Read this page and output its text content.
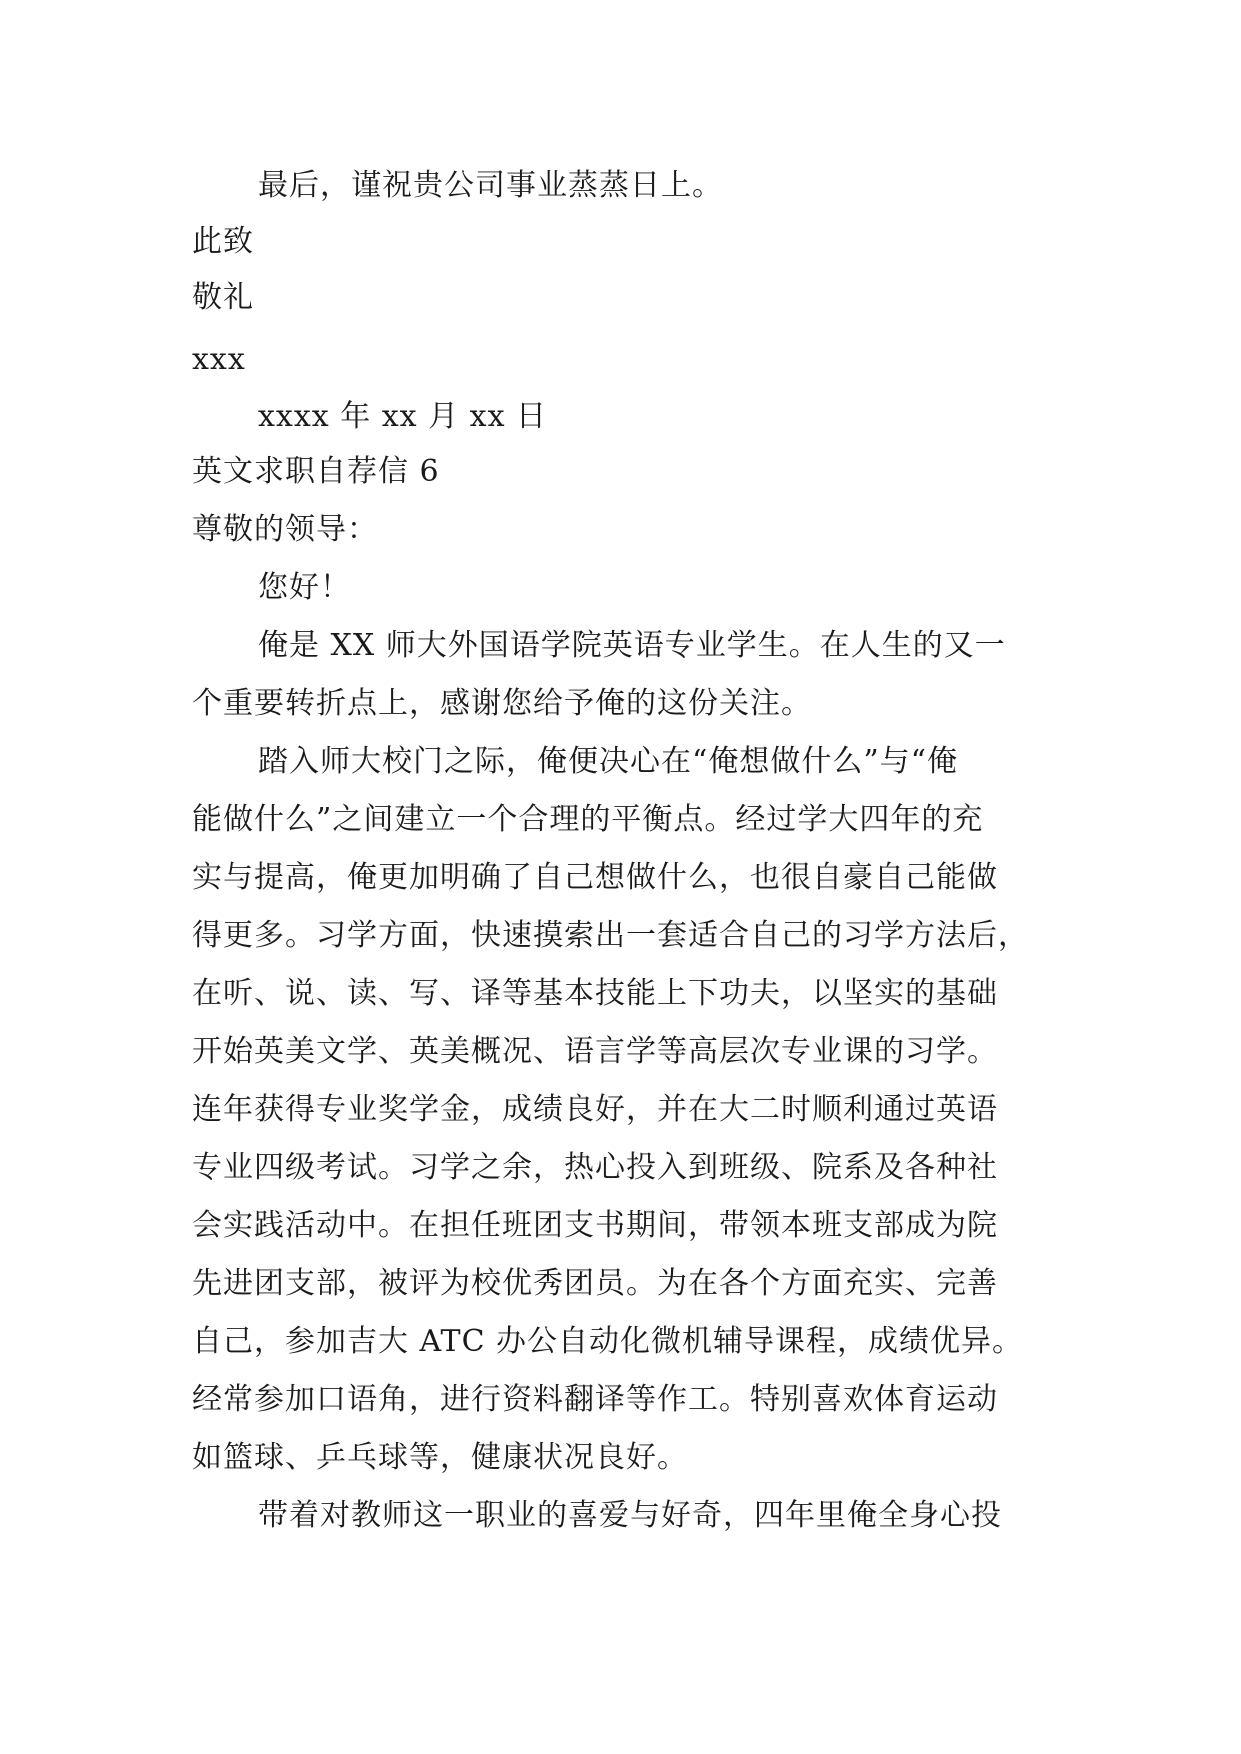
最后，谨祝贵公司事业蒸蒸日上。
此致
敬礼
xxx
xxxx 年 xx 月 xx 日
英文求职自荐信 6
尊敬的领导：
您好！
俺是 XX 师大外国语学院英语专业学生。在人生的又一
个重要转折点上，感谢您给予俺的这份关注。
踏入师大校门之际，俺便决心在“俺想做什么”与“俺
能做什么”之间建立一个合理的平衡点。经过学大四年的充
实与提高，俺更加明确了自己想做什么，也很自豪自己能做
得更多。习学方面，快速摸索出一套适合自己的习学方法后，
在听、说、读、写、译等基本技能上下功夫，以坚实的基础
开始英美文学、英美概况、语言学等高层次专业课的习学。
连年获得专业奖学金，成绩良好，并在大二时顺利通过英语
专业四级考试。习学之余，热心投入到班级、院系及各种社
会实践活动中。在担任班团支书期间，带领本班支部成为院
先进团支部，被评为校优秀团员。为在各个方面充实、完善
自己，参加吉大 ATC 办公自动化微机辅导课程，成绩优异。
经常参加口语角，进行资料翻译等作工。特别喜欢体育运动
如篮球、乒乓球等，健康状况良好。
带着对教师这一职业的喜爱与好奇，四年里俺全身心投
